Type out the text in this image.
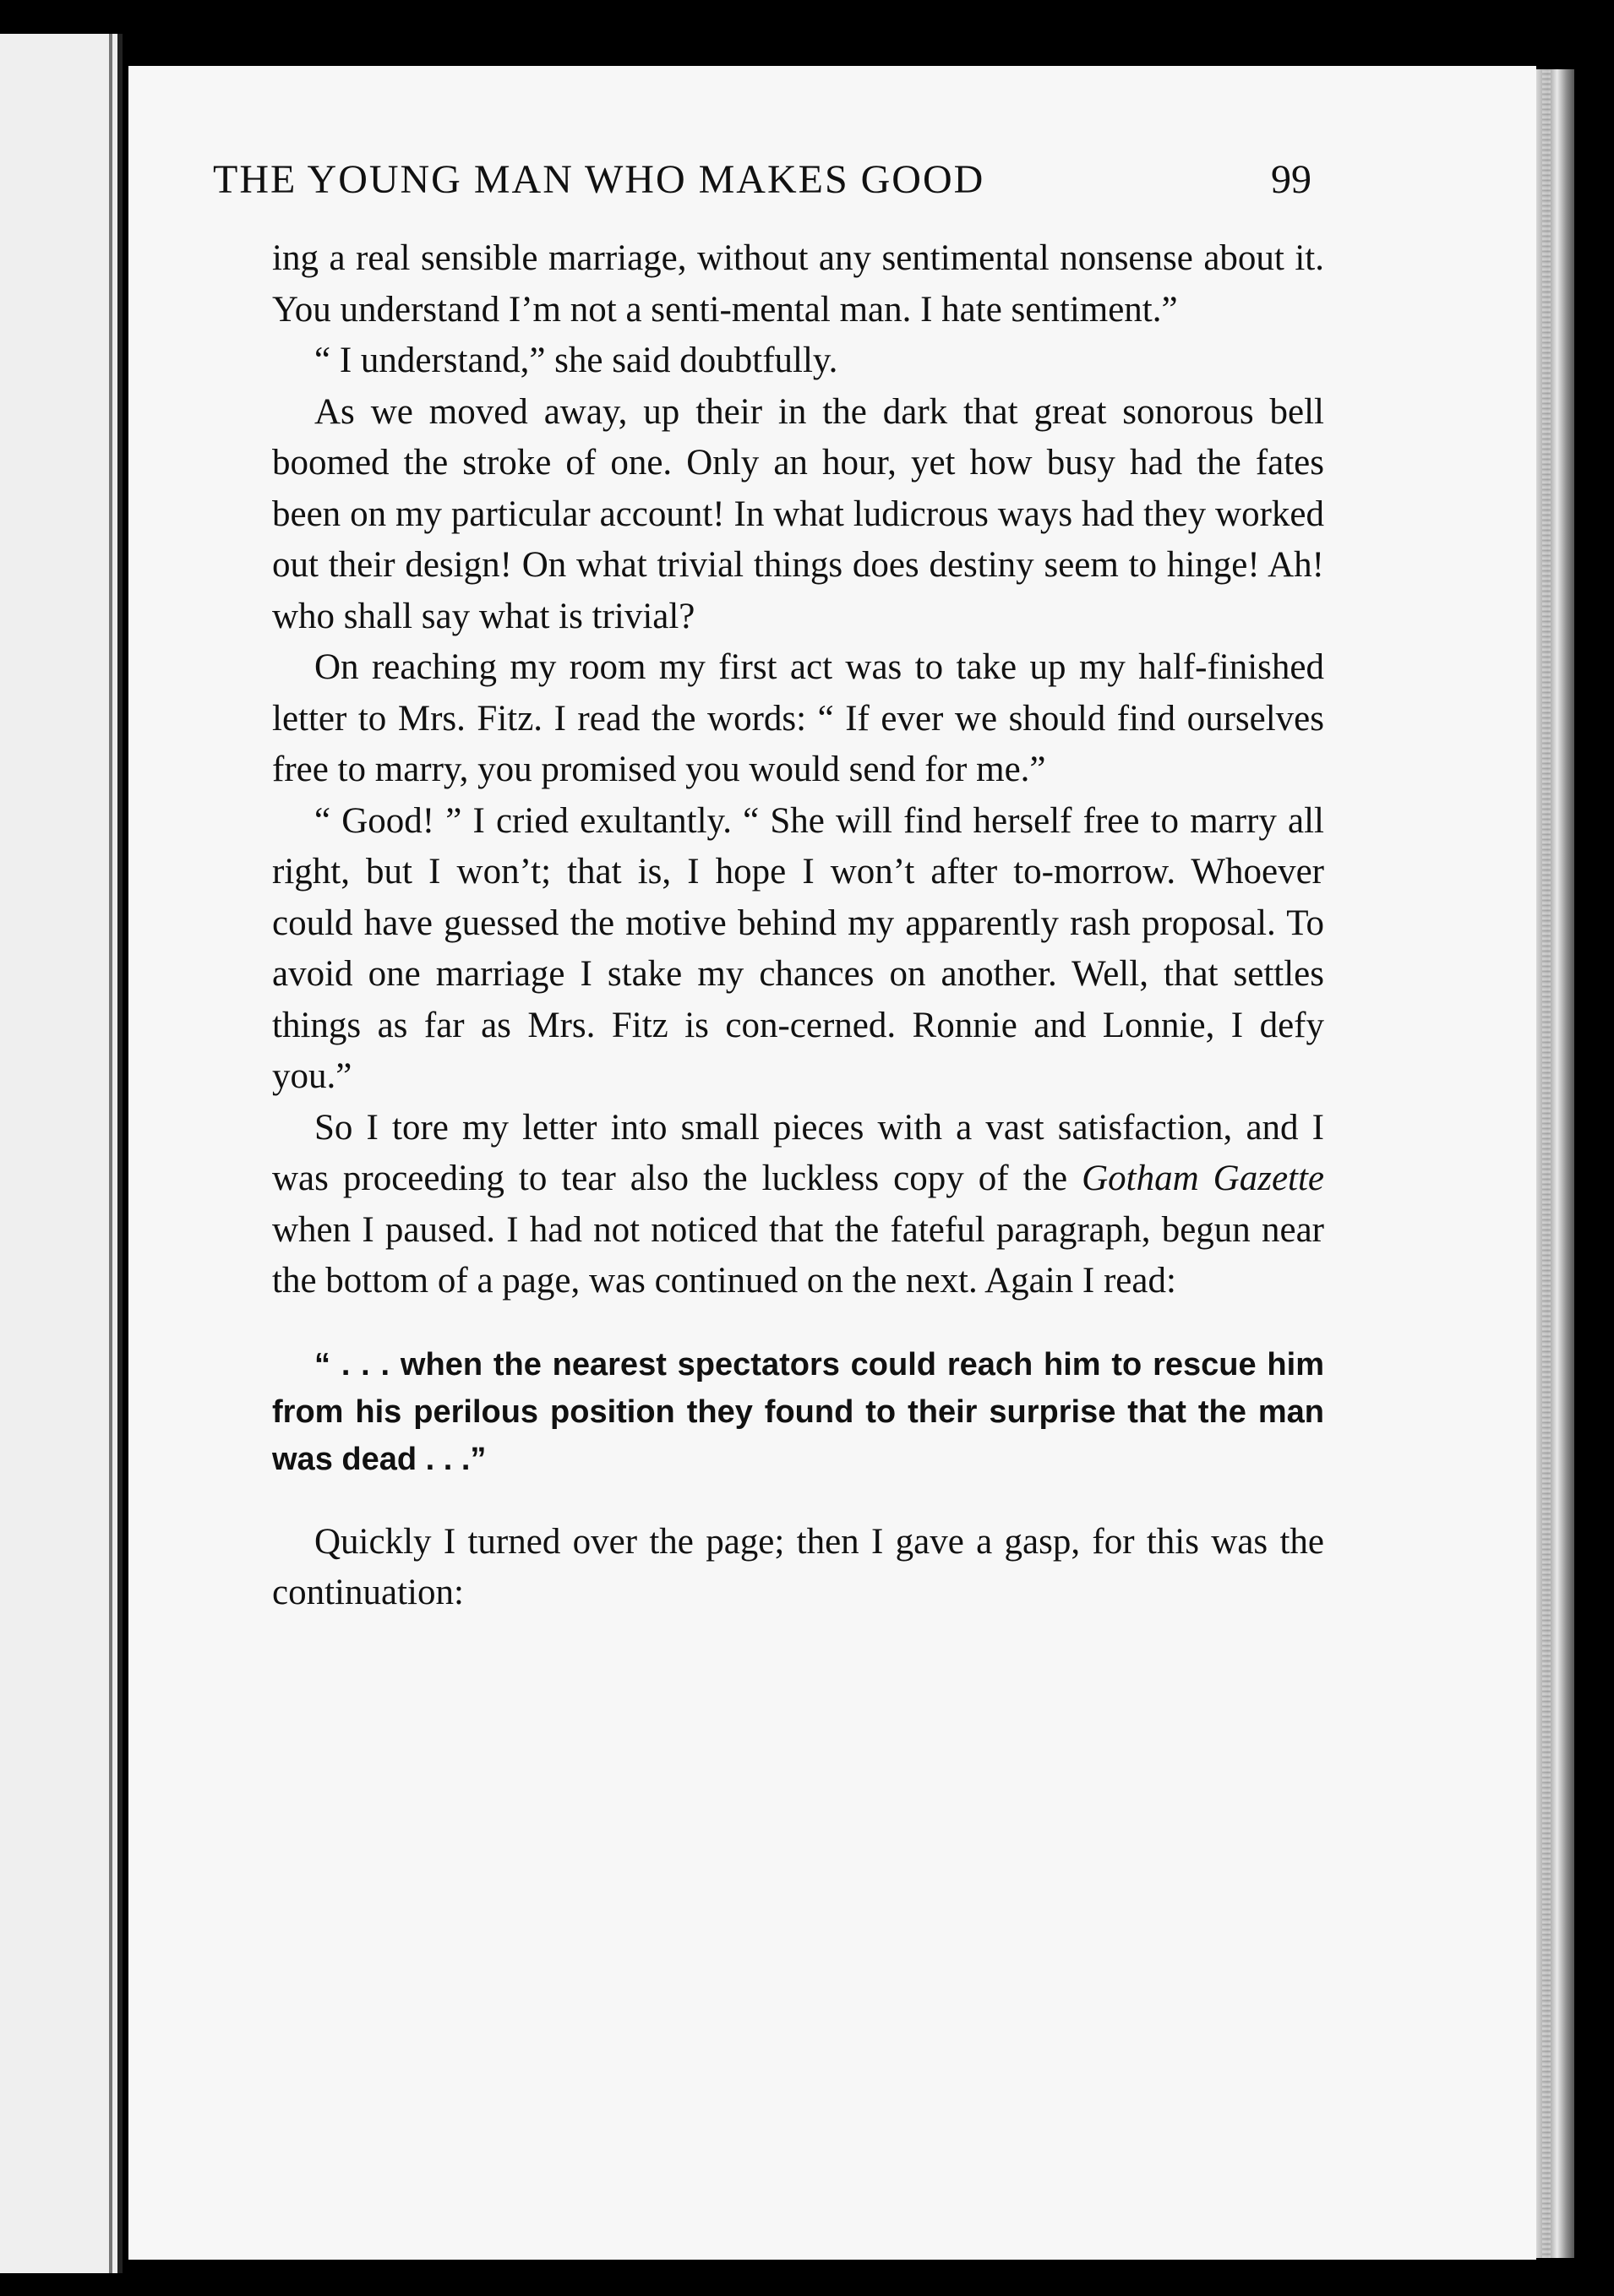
THE YOUNG MAN WHO MAKES GOOD	99

ing a real sensible marriage, without any sentimental nonsense about it. You understand I’m not a senti-mental man. I hate sentiment.”

“ I understand,” she said doubtfully.

As we moved away, up their in the dark that great sonorous bell boomed the stroke of one. Only an hour, yet how busy had the fates been on my particular account! In what ludicrous ways had they worked out their design! On what trivial things does destiny seem to hinge! Ah! who shall say what is trivial?

On reaching my room my first act was to take up my half-finished letter to Mrs. Fitz. I read the words: “ If ever we should find ourselves free to marry, you promised you would send for me.”

“ Good! ” I cried exultantly. “ She will find herself free to marry all right, but I won’t; that is, I hope I won’t after to-morrow. Whoever could have guessed the motive behind my apparently rash proposal. To avoid one marriage I stake my chances on another. Well, that settles things as far as Mrs. Fitz is con-cerned. Ronnie and Lonnie, I defy you.”

So I tore my letter into small pieces with a vast satisfaction, and I was proceeding to tear also the luckless copy of the Gotham Gazette when I paused. I had not noticed that the fateful paragraph, begun near the bottom of a page, was continued on the next. Again I read:

“ . . . when the nearest spectators could reach him to rescue him from his perilous position they found to their surprise that the man was dead . . .”

Quickly I turned over the page; then I gave a gasp, for this was the continuation:
